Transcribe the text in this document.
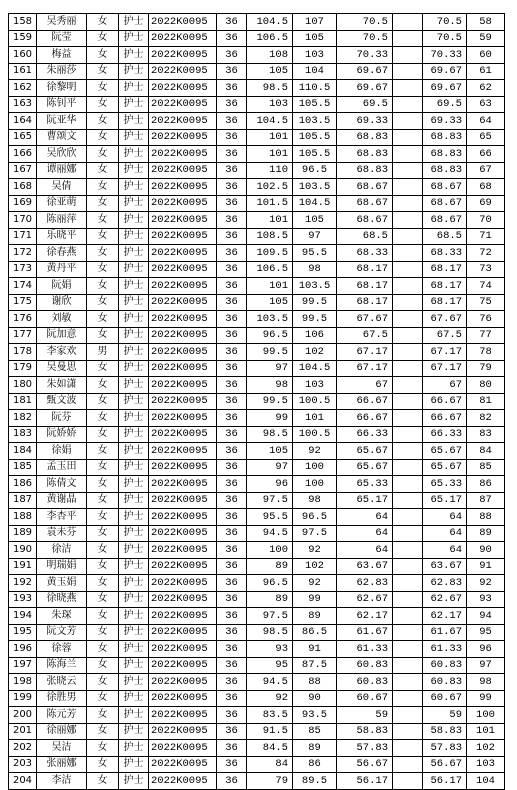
158	吴秀丽	女	护士	2022K0095	36	104.5	107	70.5		70.5	58
159	阮莹	女	护士	2022K0095	36	106.5	105	70.5		70.5	59
160	梅益	女	护士	2022K0095	36	108	103	70.33		70.33	60
161	朱丽莎	女	护士	2022K0095	36	105	104	69.67		69.67	61
162	徐黎明	女	护士	2022K0095	36	98.5	110.5	69.67		69.67	62
163	陈钊平	女	护士	2022K0095	36	103	105.5	69.5		69.5	63
164	阮亚华	女	护士	2022K0095	36	104.5	103.5	69.33		69.33	64
165	曹颂文	女	护士	2022K0095	36	101	105.5	68.83		68.83	65
166	吴欣欣	女	护士	2022K0095	36	101	105.5	68.83		68.83	66
167	谭丽娜	女	护士	2022K0095	36	110	96.5	68.83		68.83	67
168	吴倩	女	护士	2022K0095	36	102.5	103.5	68.67		68.67	68
169	徐亚萌	女	护士	2022K0095	36	101.5	104.5	68.67		68.67	69
170	陈丽萍	女	护士	2022K0095	36	101	105	68.67		68.67	70
171	乐晓平	女	护士	2022K0095	36	108.5	97	68.5		68.5	71
172	徐春燕	女	护士	2022K0095	36	109.5	95.5	68.33		68.33	72
173	黄丹平	女	护士	2022K0095	36	106.5	98	68.17		68.17	73
174	阮娟	女	护士	2022K0095	36	101	103.5	68.17		68.17	74
175	谢欣	女	护士	2022K0095	36	105	99.5	68.17		68.17	75
176	刘敏	女	护士	2022K0095	36	103.5	99.5	67.67		67.67	76
177	阮加意	女	护士	2022K0095	36	96.5	106	67.5		67.5	77
178	李家欢	男	护士	2022K0095	36	99.5	102	67.17		67.17	78
179	吴曼思	女	护士	2022K0095	36	97	104.5	67.17		67.17	79
180	朱如潇	女	护士	2022K0095	36	98	103	67		67	80
181	甄文波	女	护士	2022K0095	36	99.5	100.5	66.67		66.67	81
182	阮芬	女	护士	2022K0095	36	99	101	66.67		66.67	82
183	阮娇娇	女	护士	2022K0095	36	98.5	100.5	66.33		66.33	83
184	徐娟	女	护士	2022K0095	36	105	92	65.67		65.67	84
185	孟玉田	女	护士	2022K0095	36	97	100	65.67		65.67	85
186	陈倩文	女	护士	2022K0095	36	96	100	65.33		65.33	86
187	黄谢晶	女	护士	2022K0095	36	97.5	98	65.17		65.17	87
188	李杏平	女	护士	2022K0095	36	95.5	96.5	64		64	88
189	袁未芬	女	护士	2022K0095	36	94.5	97.5	64		64	89
190	徐洁	女	护士	2022K0095	36	100	92	64		64	90
191	明瑞娟	女	护士	2022K0095	36	89	102	63.67		63.67	91
192	黄玉娟	女	护士	2022K0095	36	96.5	92	62.83		62.83	92
193	徐晓燕	女	护士	2022K0095	36	89	99	62.67		62.67	93
194	朱琛	女	护士	2022K0095	36	97.5	89	62.17		62.17	94
195	阮文芳	女	护士	2022K0095	36	98.5	86.5	61.67		61.67	95
196	徐蓉	女	护士	2022K0095	36	93	91	61.33		61.33	96
197	陈海兰	女	护士	2022K0095	36	95	87.5	60.83		60.83	97
198	张晓云	女	护士	2022K0095	36	94.5	88	60.83		60.83	98
199	徐胜男	女	护士	2022K0095	36	92	90	60.67		60.67	99
200	陈元芳	女	护士	2022K0095	36	83.5	93.5	59		59	100
201	徐丽娜	女	护士	2022K0095	36	91.5	85	58.83		58.83	101
202	吴洁	女	护士	2022K0095	36	84.5	89	57.83		57.83	102
203	张丽娜	女	护士	2022K0095	36	84	86	56.67		56.67	103
204	李洁	女	护士	2022K0095	36	79	89.5	56.17		56.17	104
